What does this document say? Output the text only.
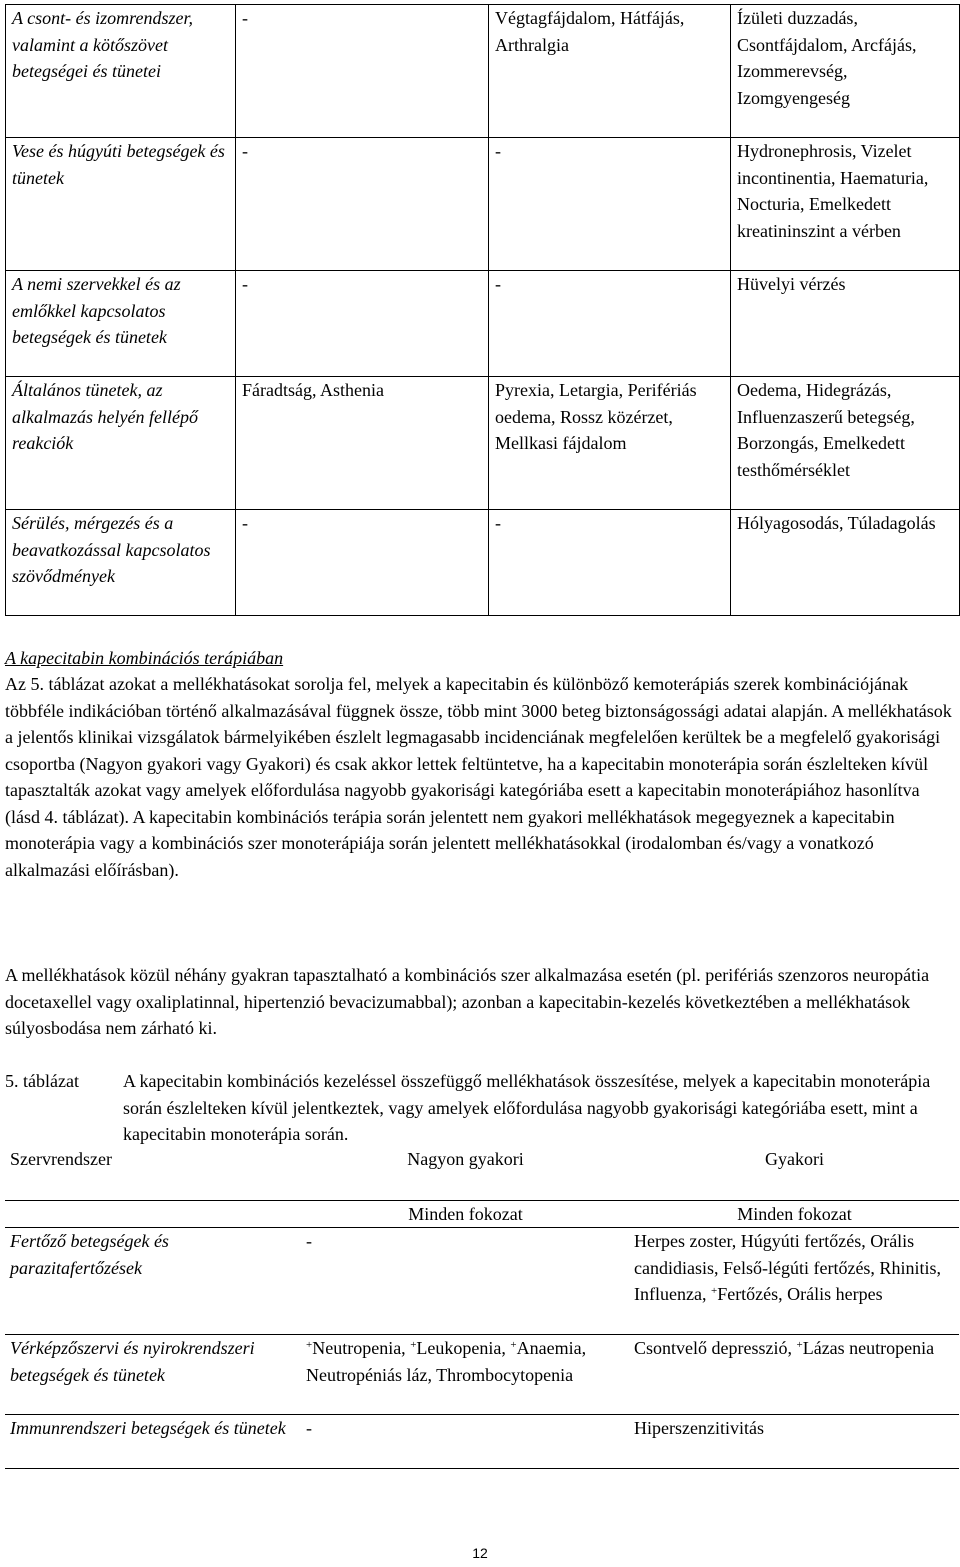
A csont- és izomrendszer, valamint a kötőszövet betegségei és tünetei	-	Végtagfájdalom, Hátfájás, Arthralgia	Ízületi duzzadás, Csontfájdalom, Arcfájás, Izommerevség, Izomgyengeség
Vese és húgyúti betegségek és tünetek	-	-	Hydronephrosis, Vizelet incontinentia, Haematuria, Nocturia, Emelkedett kreatininszint a vérben
A nemi szervekkel és az emlőkkel kapcsolatos betegségek és tünetek	-	-	Hüvelyi vérzés
Általános tünetek, az alkalmazás helyén fellépő reakciók	Fáradtság, Asthenia	Pyrexia, Letargia, Perifériás oedema, Rossz közérzet, Mellkasi fájdalom	Oedema, Hidegrázás, Influenzaszerű betegség, Borzongás, Emelkedett testhőmérséklet
Sérülés, mérgezés és a beavatkozással kapcsolatos szövődmények	-	-	Hólyagosodás, Túladagolás
A kapecitabin kombinációs terápiában
Az 5. táblázat azokat a mellékhatásokat sorolja fel, melyek a kapecitabin és különböző kemoterápiás szerek kombinációjának többféle indikációban történő alkalmazásával függnek össze, több mint 3000 beteg biztonságossági adatai alapján. A mellékhatások a jelentős klinikai vizsgálatok bármelyikében észlelt legmagasabb incidenciának megfelelően kerültek be a megfelelő gyakorisági csoportba (Nagyon gyakori vagy Gyakori) és csak akkor lettek feltüntetve, ha a kapecitabin monoterápia során észlelteken kívül tapasztalták azokat vagy amelyek előfordulása nagyobb gyakorisági kategóriába esett a kapecitabin monoterápiához hasonlítva (lásd 4. táblázat). A kapecitabin kombinációs terápia során jelentett nem gyakori mellékhatások megegyeznek a kapecitabin monoterápia vagy a kombinációs szer monoterápiája során jelentett mellékhatásokkal (irodalomban és/vagy a vonatkozó alkalmazási előírásban).
A mellékhatások közül néhány gyakran tapasztalható a kombinációs szer alkalmazása esetén (pl. perifériás szenzoros neuropátia docetaxellel vagy oxaliplatinnal, hipertenzió bevacizumabbal); azonban a kapecitabin-kezelés következtében a mellékhatások súlyosbodása nem zárható ki.
5. táblázat	A kapecitabin kombinációs kezeléssel összefüggő mellékhatások összesítése, melyek a kapecitabin monoterápia során észlelteken kívül jelentkeztek, vagy amelyek előfordulása nagyobb gyakorisági kategóriába esett, mint a kapecitabin monoterápia során.
Szervrendszer	Nagyon gyakori	Gyakori
	Minden fokozat	Minden fokozat
Fertőző betegségek és parazitafertőzések	-	Herpes zoster, Húgyúti fertőzés, Orális candidiasis, Felső-légúti fertőzés, Rhinitis, Influenza, +Fertőzés, Orális herpes
Vérképzőszervi és nyirokrendszeri betegségek és tünetek	+Neutropenia, +Leukopenia, +Anaemia, Neutropéniás láz, Thrombocytopenia	Csontvelő depresszió, +Lázas neutropenia
Immunrendszeri betegségek és tünetek	-	Hiperszenzitivitás
12
